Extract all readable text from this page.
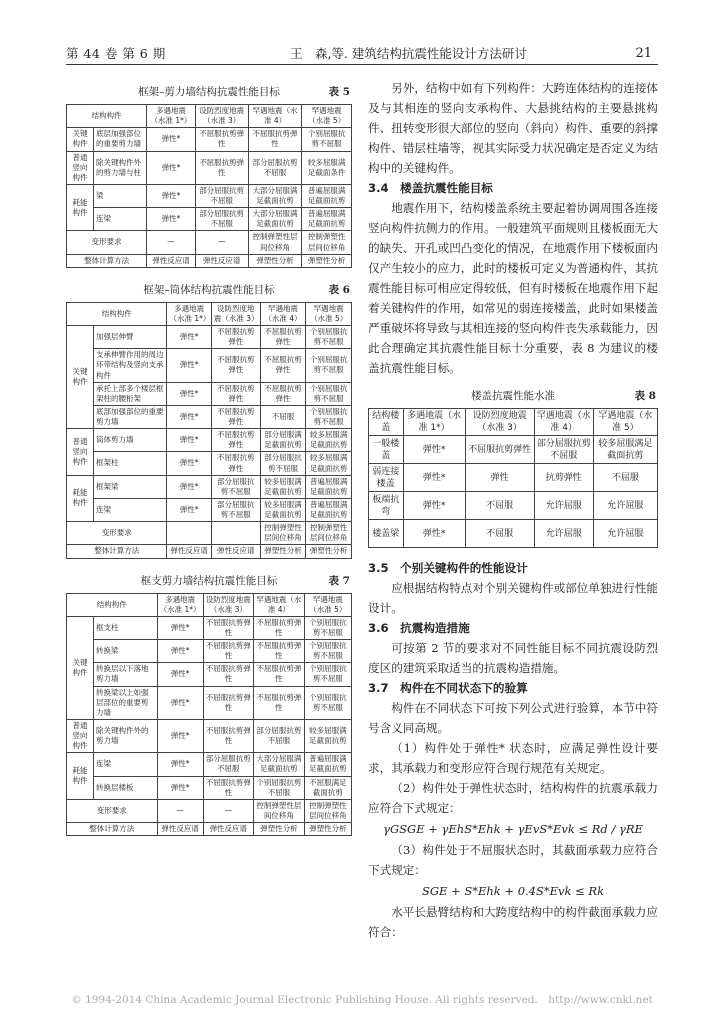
第 44 卷 第 6 期	王　森,等. 建筑结构抗震性能设计方法研讨	21
框架–剪力墙结构抗震性能目标	表 5
结构构件		多遇地震（水准 1*）	设防烈度地震（水准 3）	罕遇地震（水准 4）	罕遇地震（水准 5）
关键构件	底层加强部位的重要剪力墙	弹性*	不屈服抗剪弹性	不屈服抗剪弹性	个别屈服抗剪不屈服
普通竖向构件	除关键构件外的剪力墙与柱	弹性*	不屈服抗剪弹性	部分屈服抗剪不屈服	较多屈服满足截面条件
耗能构件	梁	弹性*	部分屈服抗剪不屈服	大部分屈服满足截面抗剪	普遍屈服满足截面抗剪
	连梁	弹性*	部分屈服抗剪不屈服	大部分屈服满足截面抗剪	普遍屈服满足截面抗剪
变形要求		—	—	控制弹塑性层间位移角	控制弹塑性层间位移角
整体计算方法		弹性反应谱	弹性反应谱	弹塑性分析	弹塑性分析
框架–筒体结构抗震性能目标	表 6
结构构件		多遇地震（水准 1*）	设防烈度地震（水准 3）	罕遇地震（水准 4）	罕遇地震（水准 5）
关键构件	加强层伸臂	弹性*	不屈服抗剪弹性	不屈服抗剪弹性	个别屈服抗剪不屈服
	支承伸臂作用的周边环带结构及竖向支承构件	弹性*	不屈服抗剪弹性	不屈服抗剪弹性	个别屈服抗剪不屈服
	承托上部多个楼层框架柱的腰桁架	弹性*	不屈服抗剪弹性	不屈服抗剪弹性	个别屈服抗剪不屈服
	底部加强部位的重要剪力墙	弹性*	不屈服抗剪弹性	不屈服	个别屈服抗剪不屈服
普通竖向构件	筒体剪力墙	弹性*	不屈服抗剪弹性	部分屈服满足截面抗剪	较多屈服满足截面抗剪
	框架柱	弹性*	不屈服抗剪弹性	部分屈服抗剪不屈服	较多屈服满足截面抗剪
耗能构件	框架梁	弹性*	部分屈服抗剪不屈服	较多屈服满足截面抗剪	普遍屈服满足截面抗剪
	连梁	弹性*	部分屈服抗剪不屈服	较多屈服满足截面抗剪	普遍屈服满足截面抗剪
变形要求				控制弹塑性层间位移角	控制弹塑性层间位移角
整体计算方法		弹性反应谱	弹性反应谱	弹塑性分析	弹塑性分析
框支剪力墙结构抗震性能目标	表 7
结构构件		多遇地震（水准 1*）	设防烈度地震（水准 3）	罕遇地震（水准 4）	罕遇地震（水准 5）
关键构件	框支柱	弹性*	不屈服抗剪弹性	不屈服抗剪弹性	个别屈服抗剪不屈服
	转换梁	弹性*	不屈服抗剪弹性	不屈服抗剪弹性	个别屈服抗剪不屈服
	转换层以下落地剪力墙	弹性*	不屈服抗剪弹性	不屈服抗剪弹性	个别屈服抗剪不屈服
	转换梁以上如强层部位的重要剪力墙	弹性*	不屈服抗剪弹性	不屈服抗剪弹性	个别屈服抗剪不屈服
普通竖向构件	除关键构件外的剪力墙	弹性*	不屈服抗剪弹性	部分屈服抗剪不屈服	较多屈服满足截面抗剪
耗能构件	连梁	弹性*	部分屈服抗剪不屈服	大部分屈服满足截面抗剪	普遍屈服满足截面抗剪
	转换层楼板	弹性*	不屈服抗剪弹性	个别屈服抗剪不屈服	不屈服满足截面抗剪
变形要求		—	—	控制弹塑性层间位移角	控制弹塑性层间位移角
整体计算方法		弹性反应谱	弹性反应谱	弹塑性分析	弹塑性分析

另外，结构中如有下列构件：大跨连体结构的连接体及与其相连的竖向支承构件、大悬挑结构的主要悬挑构件、扭转变形很大部位的竖向（斜向）构件、重要的斜撑构件、错层柱墙等，视其实际受力状况确定是否定义为结构中的关键构件。

3.4　楼盖抗震性能目标

地震作用下，结构楼盖系统主要起着协调周围各连接竖向构件抗侧力的作用。一般建筑平面规则且楼板面无大的缺失、开孔或凹凸变化的情况，在地震作用下楼板面内仅产生较小的应力，此时的楼板可定义为普通构件，其抗震性能目标可相应定得较低，但有时楼板在地震作用下起着关键构件的作用，如常见的弱连接楼盖，此时如果楼盖严重破坏将导致与其相连接的竖向构件丧失承载能力，因此合理确定其抗震性能目标十分重要，表 8 为建议的楼盖抗震性能目标。

楼盖抗震性能水准	表 8
结构楼盖	多遇地震（水准 1*）	设防烈度地震（水准 3）	罕遇地震（水准 4）	罕遇地震（水准 5）
一般楼盖	弹性*	不屈服抗剪弹性	部分屈服抗剪不屈服	较多屈服满足截面抗剪
弱连接楼盖	弹性*	弹性	抗剪弹性	不屈服
板端抗弯	弹性*	不屈服	允许屈服	允许屈服
楼盖梁	弹性*	不屈服	允许屈服	允许屈服

3.5　个别关键构件的性能设计

应根据结构特点对个别关键构件或部位单独进行性能设计。

3.6　抗震构造措施

可按第 2 节的要求对不同性能目标不同抗震设防烈度区的建筑采取适当的抗震构造措施。

3.7　构件在不同状态下的验算

构件在不同状态下可按下列公式进行验算，本节中符号含义同高规。

（1）构件处于弹性* 状态时，应满足弹性设计要求，其承载力和变形应符合现行规范有关规定。

（2）构件处于弹性状态时，结构构件的抗震承载力应符合下式规定：

γGSGE + γEhS*Ehk + γEvS*Evk ≤ Rd / γRE

（3）构件处于不屈服状态时，其截面承载力应符合下式规定：

SGE + S*Ehk + 0.4S*Evk ≤ Rk

水平长悬臂结构和大跨度结构中的构件截面承载力应符合：

© 1994-2014 China Academic Journal Electronic Publishing House. All rights reserved.　http://www.cnki.net
